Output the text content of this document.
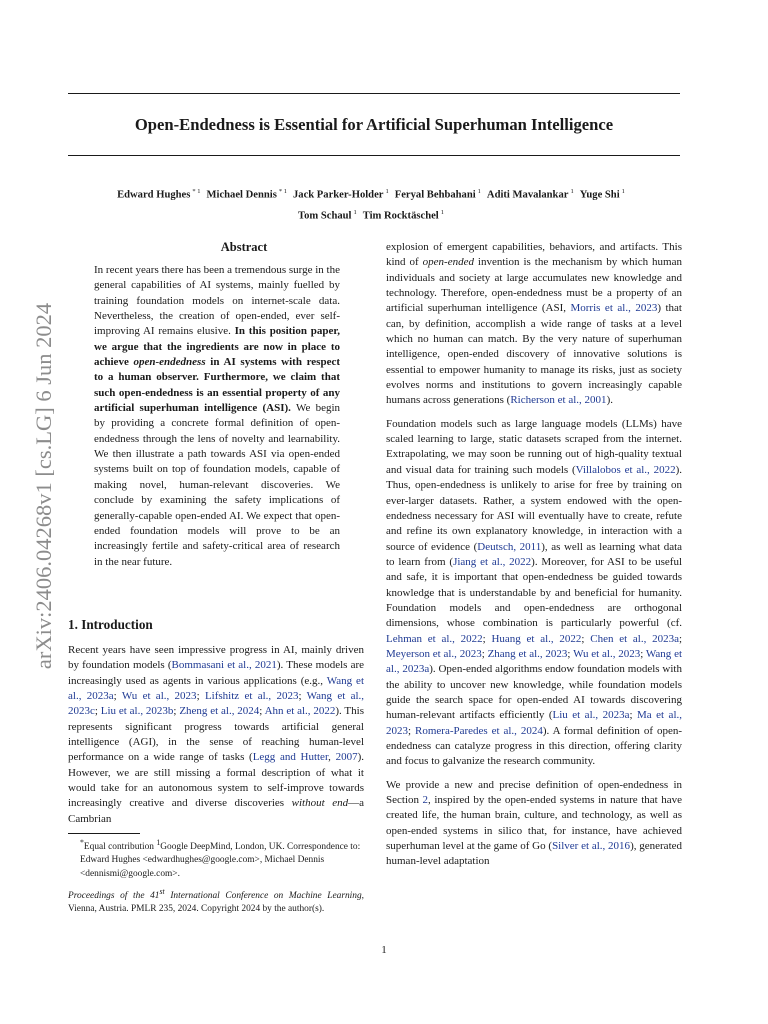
Open-Endedness is Essential for Artificial Superhuman Intelligence
Edward Hughes $^{* 1}$ Michael Dennis $^{* 1}$ Jack Parker-Holder $^1$ Feryal Behbahani $^1$ Aditi Mavalankar $^1$ Yuge Shi $^1$
Tom Schaul $^1$ Tim Rocktäschel $^1$
arXiv:2406.04268v1 [cs.LG] 6 Jun 2024
Abstract
In recent years there has been a tremendous surge in the general capabilities of AI systems, mainly fuelled by training foundation models on internet-scale data. Nevertheless, the creation of open-ended, ever self-improving AI remains elusive. In this position paper, we argue that the ingredients are now in place to achieve open-endedness in AI systems with respect to a human observer. Furthermore, we claim that such open-endedness is an essential property of any artificial superhuman intelligence (ASI). We begin by providing a concrete formal definition of open-endedness through the lens of novelty and learnability. We then illustrate a path towards ASI via open-ended systems built on top of foundation models, capable of making novel, human-relevant discoveries. We conclude by examining the safety implications of generally-capable open-ended AI. We expect that open-ended foundation models will prove to be an increasingly fertile and safety-critical area of research in the near future.
1. Introduction

Recent years have seen impressive progress in AI, mainly driven by foundation models (Bommasani et al., 2021). These models are increasingly used as agents in various applications (e.g., Wang et al., 2023a; Wu et al., 2023; Lifshitz et al., 2023; Wang et al., 2023c; Liu et al., 2023b; Zheng et al., 2024; Ahn et al., 2022). This represents significant progress towards artificial general intelligence (AGI), in the sense of reaching human-level performance on a wide range of tasks (Legg and Hutter, 2007). However, we are still missing a formal description of what it would take for an autonomous system to self-improve towards increasingly creative and diverse discoveries without end—a Cambrian

*Equal contribution $^1$Google DeepMind, London, UK. Correspondence to: Edward Hughes <edwardhughes@google.com>, Michael Dennis <dennismi@google.com>.
Proceedings of the 41st International Conference on Machine Learning, Vienna, Austria. PMLR 235, 2024. Copyright 2024 by the author(s).

explosion of emergent capabilities, behaviors, and artifacts. This kind of open-ended invention is the mechanism by which human individuals and society at large accumulates new knowledge and technology. Therefore, open-endedness must be a property of an artificial superhuman intelligence (ASI, Morris et al., 2023) that can, by definition, accomplish a wide range of tasks at a level which no human can match. By the very nature of superhuman intelligence, open-ended discovery of innovative solutions is essential to empower humanity to manage its risks, just as society evolves norms and institutions to govern increasingly capable humans across generations (Richerson et al., 2001).

Foundation models such as large language models (LLMs) have scaled learning to large, static datasets scraped from the internet. Extrapolating, we may soon be running out of high-quality textual and visual data for training such models (Villalobos et al., 2022). Thus, open-endedness is unlikely to arise for free by training on ever-larger datasets. Rather, a system endowed with the open-endedness necessary for ASI will eventually have to create, refute and refine its own explanatory knowledge, in interaction with a source of evidence (Deutsch, 2011), as well as learning what data to learn from (Jiang et al., 2022). Moreover, for ASI to be useful and safe, it is important that open-endedness be guided towards knowledge that is understandable by and beneficial for humanity. Foundation models and open-endedness are orthogonal dimensions, whose combination is particularly powerful (cf. Lehman et al., 2022; Huang et al., 2022; Chen et al., 2023a; Meyerson et al., 2023; Zhang et al., 2023; Wu et al., 2023; Wang et al., 2023a). Open-ended algorithms endow foundation models with the ability to uncover new knowledge, while foundation models guide the search space for open-ended AI towards discovering human-relevant artifacts efficiently (Liu et al., 2023a; Ma et al., 2023; Romera-Paredes et al., 2024). A formal definition of open-endedness can catalyze progress in this direction, offering clarity and focus to galvanize the research community.

We provide a new and precise definition of open-endedness in Section 2, inspired by the open-ended systems in nature that have created life, the human brain, culture, and technology, as well as open-ended systems in silico that, for instance, have achieved superhuman level at the game of Go (Silver et al., 2016), generated human-level adaptation

1
